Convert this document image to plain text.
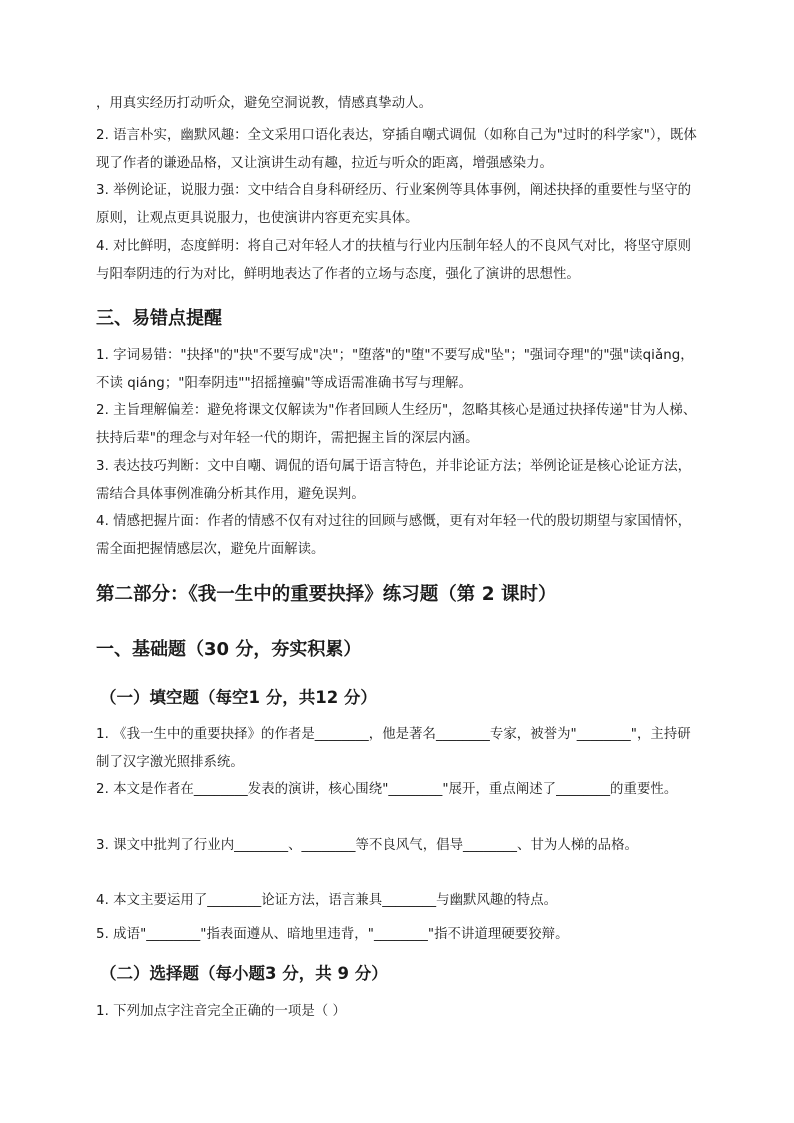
，用真实经历打动听众，避免空洞说教，情感真挚动人。

2. 语言朴实，幽默风趣：全文采用口语化表达，穿插自嘲式调侃（如称自己为"过时的科学家"），既体现了作者的谦逊品格，又让演讲生动有趣，拉近与听众的距离，增强感染力。

3. 举例论证，说服力强：文中结合自身科研经历、行业案例等具体事例，阐述抉择的重要性与坚守的原则，让观点更具说服力，也使演讲内容更充实具体。

4. 对比鲜明，态度鲜明：将自己对年轻人才的扶植与行业内压制年轻人的不良风气对比，将坚守原则与阳奉阴违的行为对比，鲜明地表达了作者的立场与态度，强化了演讲的思想性。

三、易错点提醒

1. 字词易错："抉择"的"抉"不要写成"决"；"堕落"的"堕"不要写成"坠"；"强词夺理"的"强"读qiǎng，不读 qiáng；"阳奉阴违""招摇撞骗"等成语需准确书写与理解。

2. 主旨理解偏差：避免将课文仅解读为"作者回顾人生经历"，忽略其核心是通过抉择传递"甘为人梯、扶持后辈"的理念与对年轻一代的期许，需把握主旨的深层内涵。

3. 表达技巧判断：文中自嘲、调侃的语句属于语言特色，并非论证方法；举例论证是核心论证方法，需结合具体事例准确分析其作用，避免误判。

4. 情感把握片面：作者的情感不仅有对过往的回顾与感慨，更有对年轻一代的殷切期望与家国情怀，需全面把握情感层次，避免片面解读。

第二部分：《我一生中的重要抉择》练习题（第 2 课时）
一、基础题（30 分，夯实积累）
（一）填空题（每空1 分，共12 分）

1. 《我一生中的重要抉择》的作者是________，他是著名________专家，被誉为"________"，主持研制了汉字激光照排系统。

2. 本文是作者在________发表的演讲，核心围绕"________"展开，重点阐述了________的重要性。

3. 课文中批判了行业内________、________等不良风气，倡导________、甘为人梯的品格。

4. 本文主要运用了________论证方法，语言兼具________与幽默风趣的特点。

5. 成语"________"指表面遵从、暗地里违背，"________"指不讲道理硬要狡辩。

（二）选择题（每小题3 分，共 9 分）

1. 下列加点字注音完全正确的一项是（ ）
